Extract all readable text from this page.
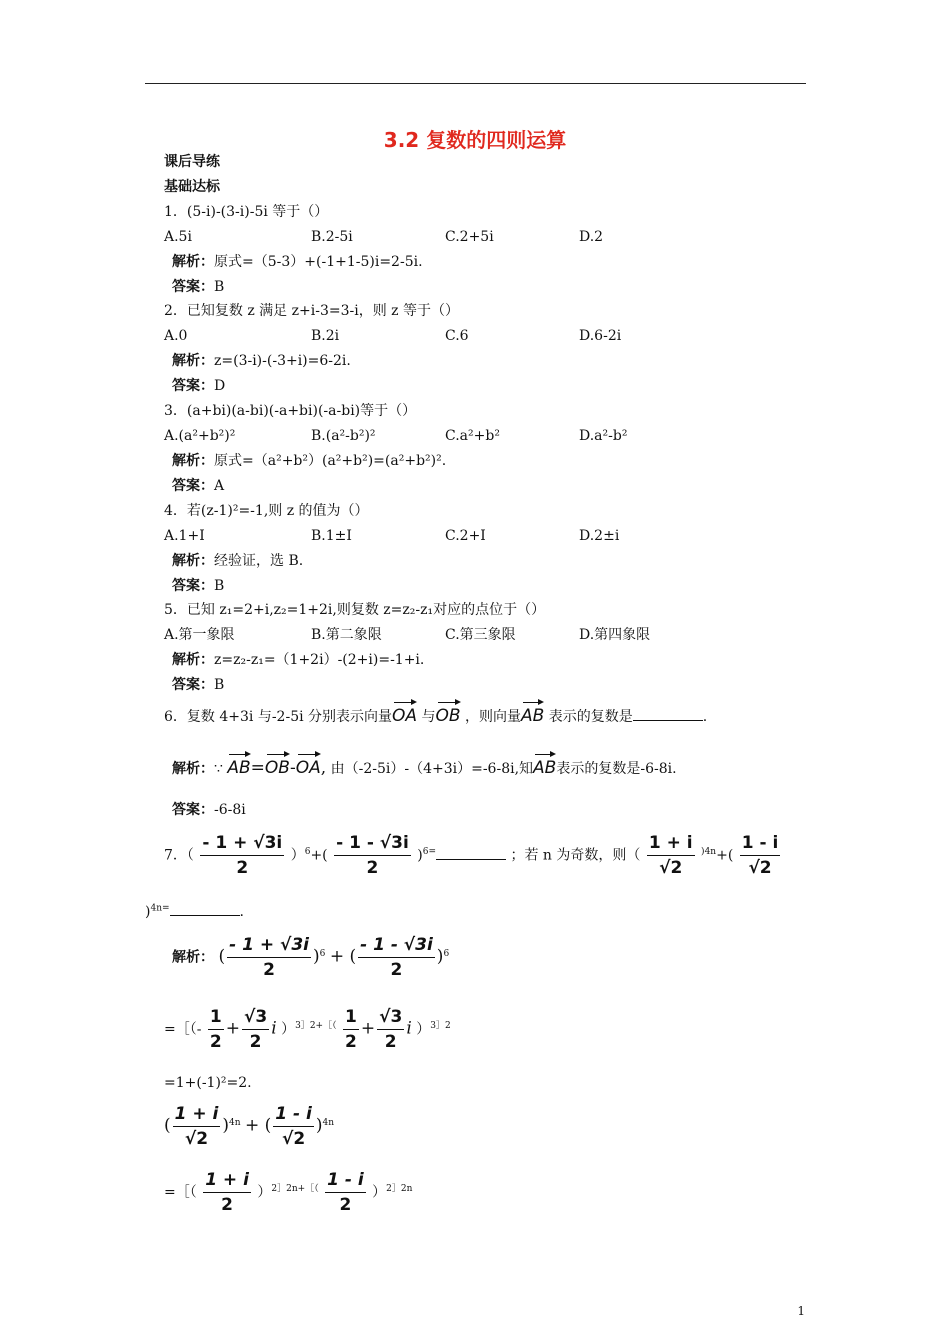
3.2 复数的四则运算
课后导练
基础达标
1．(5-i)-(3-i)-5i 等于（）
A.5i	B.2-5i	C.2+5i	D.2
解析：原式=（5-3）+(-1+1-5)i=2-5i.
答案：B
2．已知复数 z 满足 z+i-3=3-i，则 z 等于（）
A.0	B.2i	C.6	D.6-2i
解析：z=(3-i)-(-3+i)=6-2i.
答案：D
3．(a+bi)(a-bi)(-a+bi)(-a-bi)等于（）
A.(a²+b²)²	B.(a²-b²)²	C.a²+b²	D.a²-b²
解析：原式=（a²+b²）(a²+b²)=(a²+b²)².
答案：A
4．若(z-1)²=-1,则 z 的值为（）
A.1+I	B.1±I	C.2+I	D.2±i
解析：经验证，选 B.
答案：B
5．已知 z₁=2+i,z₂=1+2i,则复数 z=z₂-z₁对应的点位于（）
A.第一象限	B.第二象限	C.第三象限	D.第四象限
解析：z=z₂-z₁=（1+2i）-(2+i)=-1+i.
答案：B
6．复数 4+3i 与-2-5i 分别表示向量OA 与OB ，则向量AB 表示的复数是	.
解析：∵ AB=OB-OA, 由（-2-5i）-（4+3i）=-6-8i,知AB表示的复数是-6-8i.
答案：-6-8i
7．（ $\frac{- 1 + √3i}{2} )^6+( \frac{- 1 - √3i}{2} )^{6=}$	；若 n 为奇数，则（ $\frac{1 + i}{√2} ^{)4n}+( \frac{1 - i}{√2}$
)$^{4n=}$	.
解析： ( $\frac{- 1 + √3i}{2} )^6$ + ( $\frac{- 1 - √3i}{2} )^6$
=［（- $\frac{1}{2} + \frac{√3}{2}$ i ）$^{3]2+[(} \frac{1}{2} + \frac{√3}{2}$ i ）$^{3]2}$
=1+(-1)²=2.
( $\frac{1 + i}{√2} )^{4n}$ + ( $\frac{1 - i}{√2} )^{4n}$
=［（ $\frac{1 + i}{2} )^{2]2n+[(} \frac{1 - i}{2} )^{2]2n}$
1
